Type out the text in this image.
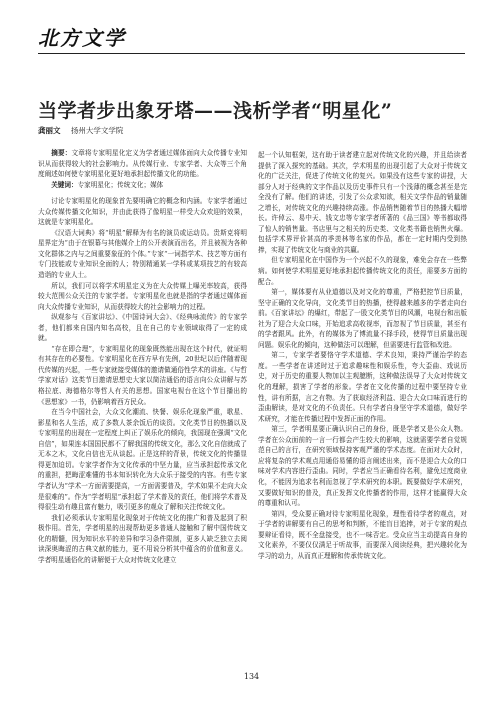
北方文学
当学者步出象牙塔——浅析学者“明星化”
龚丽文 扬州大学文学院

摘要：文章将专家明星化定义为学者通过媒体面向大众传播专业知识从而获得较大的社会影响力。从传媒行业、专家学者、大众等三个角度阐述如何使专家明星化更好地承担起传播文化的功能。

关键词：专家明星化；传统文化；媒体

讨论专家明星化的现象首先要明确它的概念和内涵。专家学者通过大众传媒传播文化知识，并由此获得了像明星一样受大众欢迎的效果，这就是专家明星化。

《汉语大词典》将“明星”解释为有名的演员或运动员。贵斯克将明星界定为“由于在银幕与其他媒介上的公开表演而出名，并且被视为各种文化群体之内与之间重要象征的个体。”专家“一词指学术、技艺等方面有专门技能或专业知识全面的人；特别精通某一学科或某项技艺的有较高造诣的专业人士。

所以，我们可以将学术明星定义为在大众传媒上曝光率较高，获得较大范围公众关注的专家学者。专家明星化也就是指的学者通过媒体面向大众传播专业知识，从而获得较大的社会影响力的过程。

纵观参与《百家讲坛》、《中国诗词大会》、《经典咏流传》的专家学者，他们都来自国内知名高校，且在自己的专业领域取得了一定的成就。

“存在即合理”，专家明星化的现象既然能出现在这个时代，就证明有其存在的必要性。专家明星化在西方早有先例，20世纪以后伴随着现代传媒的兴起，一些专家就接受媒体的邀请做通俗性学术的讲座。《与哲学家对话》这类节目邀请思想史大家以简洁通俗的语言向公众讲解与苏格拉底、海德格尔等哲人有关的思想。国家电视台在这个节目播出的《思想家》一书，仍影响着西方民众。

在当今中国社会，大众文化潮流、快餐、娱乐化现象严重，歌星、影星和名人生活，成了多数人茶余饭后的谈资。文化类节目的热播以及专家明星的出现在一定程度上纠正了娱乐化的倾向，我国现在强调“文化自信”，如果连本国国民都不了解我国的传统文化，那么文化自信就成了无本之木，文化自信也无从谈起。正是这样的背景，传统文化的传播显得更加迫切。专家学者作为文化传承的中坚力量，应当承担起传承文化的重担，把晦涩难懂的书本知识转化为大众乐于接受的内容。有些专家学者认为“学术一方面需要提高，一方面需要普及，学术如果不走向大众是很难的”。作为“学者明星”承担起了学术普及的责任，他们将学术普及得很生动有趣且富有魅力，吸引更多的观众了解和关注传统文化。

我们必须承认专家明星化现象对于传统文化的推广和普及起到了积极作用。首先，学者明星的出现帮助更多普通人接触和了解中国传统文化的精髓，因为知识水平的差异和学习条件限制，更多人缺乏独立去阅读深奥晦涩的古典文献的能力，更不用说分析其中蕴含的价值和意义。学者明星通俗化的讲解便于大众对传统文化建立

起一个认知框架，这有助于读者建立起对传统文化的兴趣，并且给读者提供了深入探究的基础。其次，学术明星的出现引起了大众对于传统文化的广泛关注，促进了传统文化的复兴。如果没有这些专家的讲授，大部分人对于经典的文字作品以及历史事件只有一个浅薄的概念甚至是完全没有了解。他们的讲述，引发了公众求知欲，相关文学作品的销量随之增长，对传统文化的兴趣持续高涨。作品销售随着节目的热播大幅增长。许倬云、易中天、钱文忠等专家学者所著的《品三国》等书都取得了惊人的销售量。书店里与之相关的历史类、文化类书籍也销售火爆。包括学术界评价甚高的季羡林等名家的作品，都在一定时期内受到热捧，实现了传统文化与商业的共赢。

但专家明星化在中国作为一个兴起不久的现象，难免会存在一些弊病。如何使学术明星更好地承担起传播传统文化的责任，需要多方面的配合。

第一，媒体要有从业道德以及对文化的尊重，严格把控节目质量，坚守正确的文化导向，文化类节目的热播，使得越来越多的学者走向台前。《百家讲坛》的爆红，带起了一股文化类节目的风潮，电视台和出版社为了迎合大众口味，开始追求高收视率，而忽视了节目质量，甚至有的学者跟风。此外，有的媒体为了博流量不择手段，使得节目质量出现问题。娱乐化的倾向，这种做法可以理解，但需要进行监管和改进。

第二，专家学者要恪守学术道德、学术良知，秉持严谨治学的态度。一些学者在讲述时过于追求趣味性和娱乐性，夸大歪曲、戏说历史，对于历史的重要人物加以主观臆断，这种做法误导了大众对传统文化的理解，损害了学者的形象。学者在文化传播的过程中要坚持专业性，讲有所据，言之有物。为了获取经济利益、迎合大众口味而进行的歪曲解读，是对文化的不负责任。只有学者自身坚守学术道德，做好学术研究，才能在传播过程中发挥正面的作用。

第三，学者明星要正确认识自己的身份，既是学者又是公众人物。学者在公众面前的一言一行都会产生较大的影响，这就需要学者自觉规范自己的言行，在研究领域保持客观严谨的学术态度。在面对大众时，应将复杂的学术观点用通俗易懂的语言阐述出来，而不是迎合大众的口味对学术内容进行歪曲。同时，学者应当正确看待名利，避免过度商业化，不能因为追求名利而忽视了学术研究的本职。既要做好学术研究，又要做好知识的普及，真正发挥文化传播者的作用，这样才能赢得大众的尊重和认可。

第四，受众要正确对待专家明星化现象，理性看待学者的观点，对于学者的讲解要有自己的思考和判断，不能盲目追捧，对于专家的观点要辩证看待，既不全盘接受，也不一味否定。受众应当主动提高自身的文化素养，不要仅仅满足于听故事，而要深入阅读经典，把兴趣转化为学习的动力，从而真正理解和传承传统文化。

134
